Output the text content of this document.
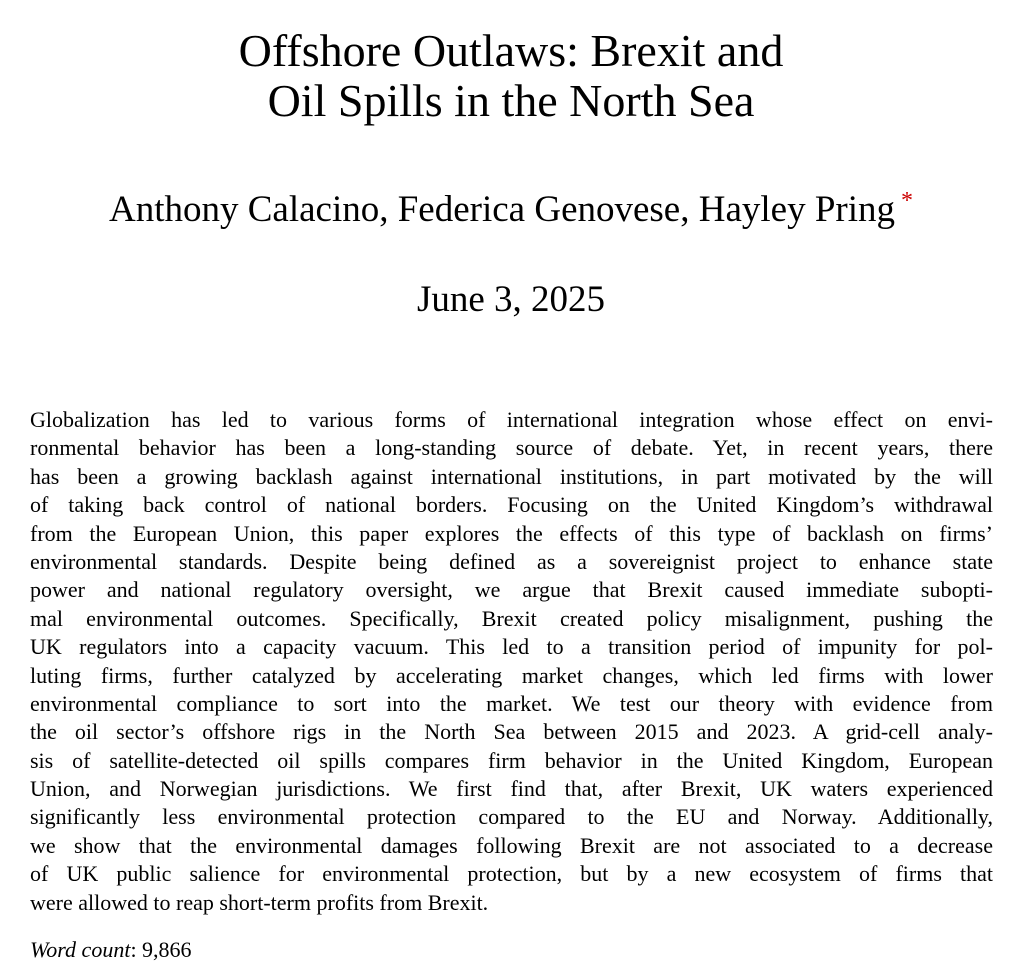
Offshore Outlaws: Brexit and
Oil Spills in the North Sea
Anthony Calacino, Federica Genovese, Hayley Pring *
June 3, 2025
Globalization has led to various forms of international integration whose effect on envi-
ronmental behavior has been a long-standing source of debate. Yet, in recent years, there
has been a growing backlash against international institutions, in part motivated by the will
of taking back control of national borders. Focusing on the United Kingdom’s withdrawal
from the European Union, this paper explores the effects of this type of backlash on firms’
environmental standards. Despite being defined as a sovereignist project to enhance state
power and national regulatory oversight, we argue that Brexit caused immediate subopti-
mal environmental outcomes. Specifically, Brexit created policy misalignment, pushing the
UK regulators into a capacity vacuum. This led to a transition period of impunity for pol-
luting firms, further catalyzed by accelerating market changes, which led firms with lower
environmental compliance to sort into the market. We test our theory with evidence from
the oil sector’s offshore rigs in the North Sea between 2015 and 2023. A grid-cell analy-
sis of satellite-detected oil spills compares firm behavior in the United Kingdom, European
Union, and Norwegian jurisdictions. We first find that, after Brexit, UK waters experienced
significantly less environmental protection compared to the EU and Norway. Additionally,
we show that the environmental damages following Brexit are not associated to a decrease
of UK public salience for environmental protection, but by a new ecosystem of firms that
were allowed to reap short-term profits from Brexit.
Word count: 9,866
